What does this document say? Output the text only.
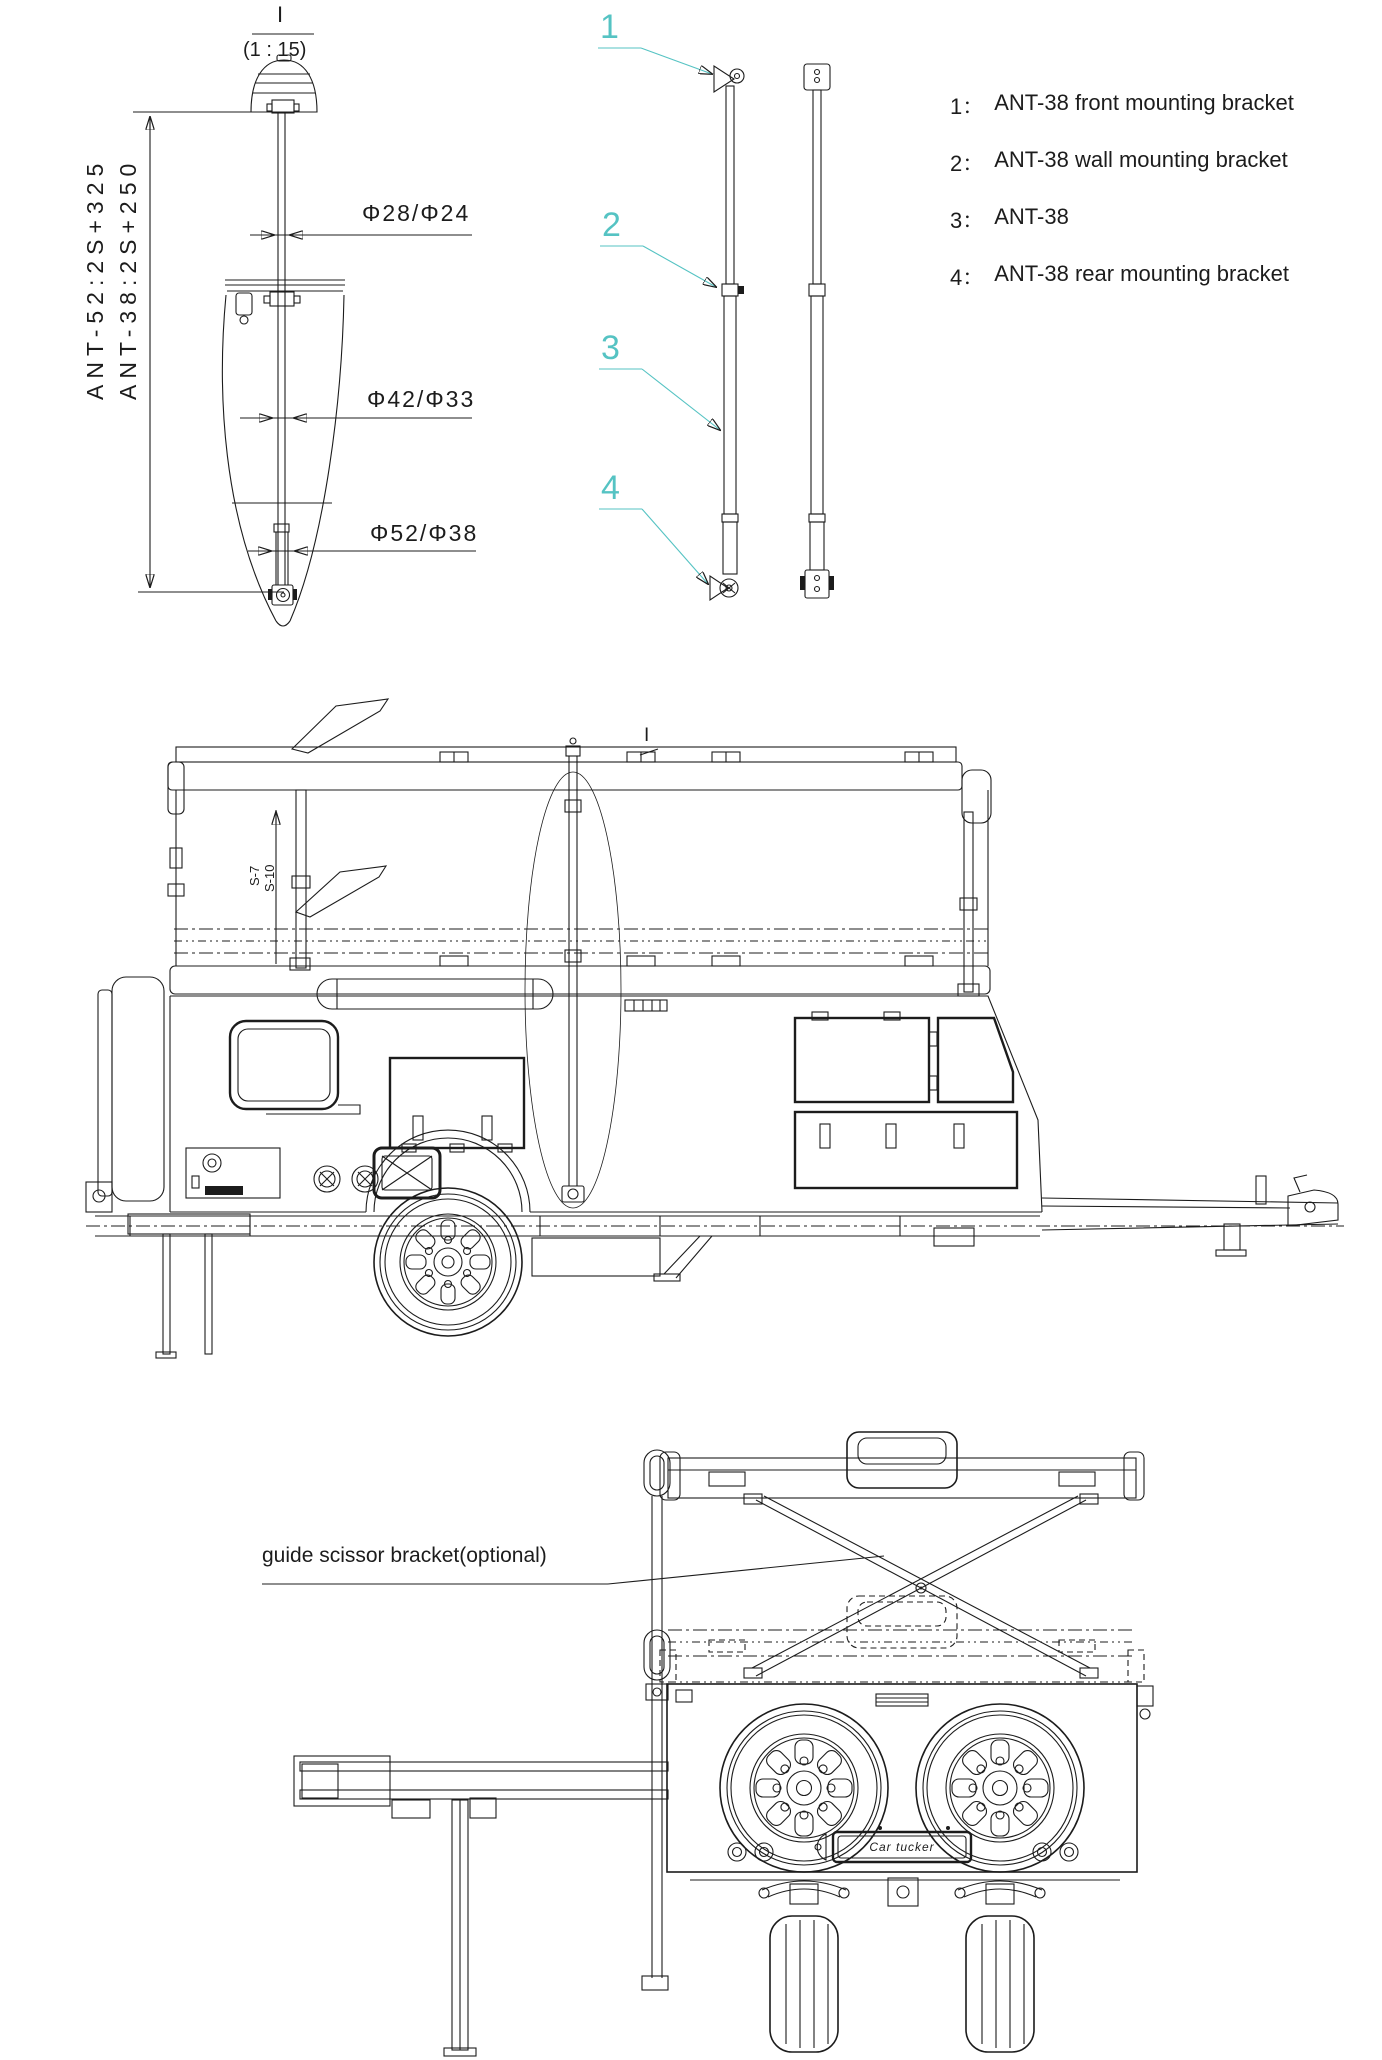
I
(1 : 15)
ANT-52:2S+325 ANT-38:2S+250	Φ28/Φ24
Φ42/Φ33
Φ52/Φ38
1
2
3
4
1： ANT-38 front mounting bracket
2： ANT-38 wall mounting bracket
3： ANT-38
4： ANT-38 rear mounting bracket
I
S-7 S-10
guide scissor bracket(optional)
Car tucker
